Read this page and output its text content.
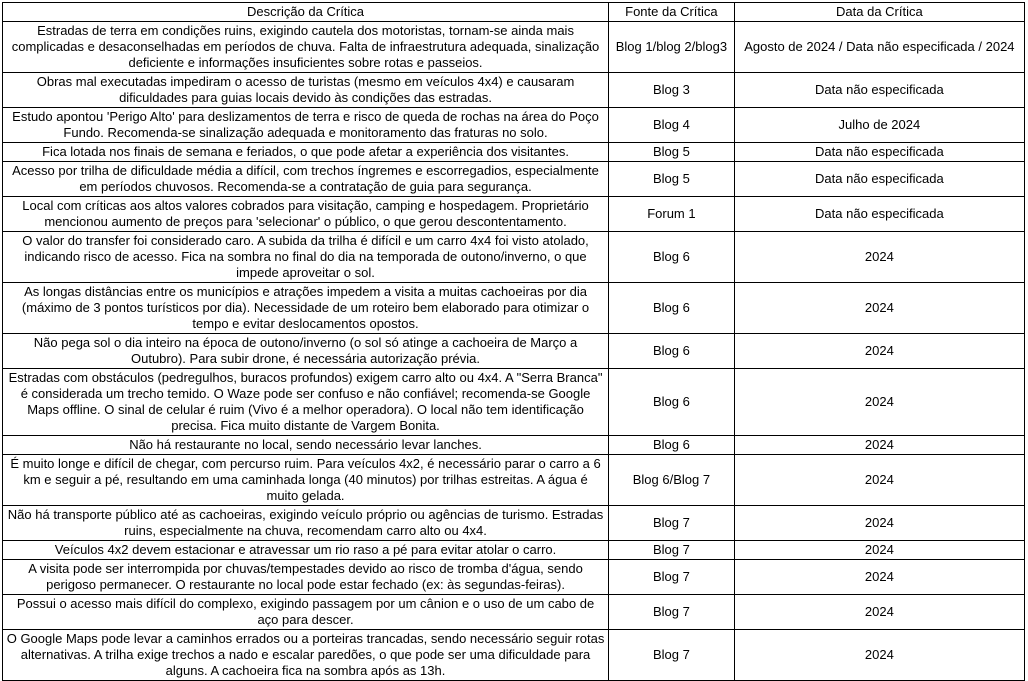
Descrição da Crítica	Fonte da Crítica	Data da Crítica
Estradas de terra em condições ruins, exigindo cautela dos motoristas, tornam-se ainda mais complicadas e desaconselhadas em períodos de chuva. Falta de infraestrutura adequada, sinalização deficiente e informações insuficientes sobre rotas e passeios.	Blog 1/blog 2/blog3	Agosto de 2024 / Data não especificada / 2024
Obras mal executadas impediram o acesso de turistas (mesmo em veículos 4x4) e causaram dificuldades para guias locais devido às condições das estradas.	Blog 3	Data não especificada
Estudo apontou 'Perigo Alto' para deslizamentos de terra e risco de queda de rochas na área do Poço Fundo. Recomenda-se sinalização adequada e monitoramento das fraturas no solo.	Blog 4	Julho de 2024
Fica lotada nos finais de semana e feriados, o que pode afetar a experiência dos visitantes.	Blog 5	Data não especificada
Acesso por trilha de dificuldade média a difícil, com trechos íngremes e escorregadios, especialmente em períodos chuvosos. Recomenda-se a contratação de guia para segurança.	Blog 5	Data não especificada
Local com críticas aos altos valores cobrados para visitação, camping e hospedagem. Proprietário mencionou aumento de preços para 'selecionar' o público, o que gerou descontentamento.	Forum 1	Data não especificada
O valor do transfer foi considerado caro. A subida da trilha é difícil e um carro 4x4 foi visto atolado, indicando risco de acesso. Fica na sombra no final do dia na temporada de outono/inverno, o que impede aproveitar o sol.	Blog 6	2024
As longas distâncias entre os municípios e atrações impedem a visita a muitas cachoeiras por dia (máximo de 3 pontos turísticos por dia). Necessidade de um roteiro bem elaborado para otimizar o tempo e evitar deslocamentos opostos.	Blog 6	2024
Não pega sol o dia inteiro na época de outono/inverno (o sol só atinge a cachoeira de Março a Outubro). Para subir drone, é necessária autorização prévia.	Blog 6	2024
Estradas com obstáculos (pedregulhos, buracos profundos) exigem carro alto ou 4x4. A "Serra Branca" é considerada um trecho temido. O Waze pode ser confuso e não confiável; recomenda-se Google Maps offline. O sinal de celular é ruim (Vivo é a melhor operadora). O local não tem identificação precisa. Fica muito distante de Vargem Bonita.	Blog 6	2024
Não há restaurante no local, sendo necessário levar lanches.	Blog 6	2024
É muito longe e difícil de chegar, com percurso ruim. Para veículos 4x2, é necessário parar o carro a 6 km e seguir a pé, resultando em uma caminhada longa (40 minutos) por trilhas estreitas. A água é muito gelada.	Blog 6/Blog 7	2024
Não há transporte público até as cachoeiras, exigindo veículo próprio ou agências de turismo. Estradas ruins, especialmente na chuva, recomendam carro alto ou 4x4.	Blog 7	2024
Veículos 4x2 devem estacionar e atravessar um rio raso a pé para evitar atolar o carro.	Blog 7	2024
A visita pode ser interrompida por chuvas/tempestades devido ao risco de tromba d'água, sendo perigoso permanecer. O restaurante no local pode estar fechado (ex: às segundas-feiras).	Blog 7	2024
Possui o acesso mais difícil do complexo, exigindo passagem por um cânion e o uso de um cabo de aço para descer.	Blog 7	2024
O Google Maps pode levar a caminhos errados ou a porteiras trancadas, sendo necessário seguir rotas alternativas. A trilha exige trechos a nado e escalar paredões, o que pode ser uma dificuldade para alguns. A cachoeira fica na sombra após as 13h.	Blog 7	2024
